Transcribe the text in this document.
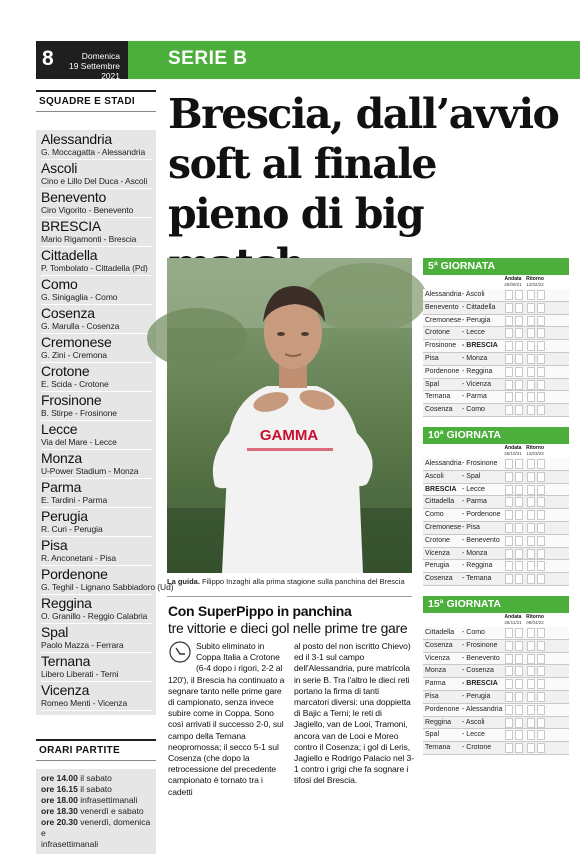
8	Domenica
19 Settembre 2021
SERIE B
SQUADRE E STADI
Alessandria
G. Moccagatta - Alessandria
Ascoli
Cino e Lillo Del Duca - Ascoli
Benevento
Ciro Vigorito - Benevento
BRESCIA
Mario Rigamonti - Brescia
Cittadella
P. Tombolato - Cittadella (Pd)
Como
G. Sinigaglia - Como
Cosenza
G. Marulla - Cosenza
Cremonese
G. Zini - Cremona
Crotone
E. Scida - Crotone
Frosinone
B. Stirpe - Frosinone
Lecce
Via del Mare - Lecce
Monza
U-Power Stadium - Monza
Parma
E. Tardini - Parma
Perugia
R. Curi - Perugia
Pisa
R. Anconetani - Pisa
Pordenone
G. Teghil - Lignano Sabbiadoro (Ud)
Reggina
O. Granillo - Reggio Calabria
Spal
Paolo Mazza - Ferrara
Ternana
Libero Liberati - Terni
Vicenza
Romeo Menti - Vicenza
ORARI PARTITE
ore 14.00 il sabato
ore 16.15 il sabato
ore 18.00 infrasettimanali
ore 18.30 venerdì e sabato
ore 20.30 venerdì, domenica e
infrasettimanali
Brescia, dall’avvio
soft al finale
pieno di big
GAMMA
La guida. Filippo Inzaghi alla prima stagione sulla panchina del Brescia
Con SuperPippo in panchina
tre vittorie e dieci gol nelle prime tre gare
Subito eliminato in Coppa Italia a Crotone (6-4 dopo i rigori, 2-2 al 120'), il Brescia ha continuato a segnare tanto nelle prime gare di campionato, senza invece subire come in Coppa. Sono così arrivati il successo 2-0, sul campo della Ternana neopromossa; il secco 5-1 sul Cosenza (che dopo la retrocessione del precedente campionato è tornato tra i cadetti
al posto del non iscritto Chievo) ed il 3-1 sul campo dell'Alessandria, pure matricola in serie B. Tra l'altro le dieci reti portano la firma di tanti marcatori diversi: una doppietta di Bajic a Terni; le reti di Jagiello, van de Looi, Tramoni, ancora van de Looi e Moreo contro il Cosenza; i gol di Leris, Jagiello e Rodrigo Palacio nel 3-1 contro i grigi che fa sognare i tifosi del Brescia.
5ª GIORNATA
Andata
25/09/21
Ritorno
12/02/22
Alessandria - Ascoli
Benevento - Cittadella
Cremonese - Perugia
Crotone	- Lecce
Frosinone - BRESCIA
Pisa	- Monza
Pordenone - Reggina
Spal	- Vicenza
Ternana	- Parma
Cosenza	- Como
10ª GIORNATA
Andata
26/10/21
Ritorno
12/03/22
Alessandria - Frosinone
Ascoli	- Spal
BRESCIA - Lecce
Cittadella	- Parma
Como	- Pordenone
Cremonese - Pisa
Crotone	- Benevento
Vicenza	- Monza
Perugia	- Reggina
Cosenza	- Ternana
15ª GIORNATA
Andata
28/11/21
Ritorno
09/04/22
Cittadella	- Como
Cosenza	- Frosinone
Vicenza	- Benevento
Monza	- Cosenza
Parma	- BRESCIA
Pisa	- Perugia
Pordenone - Alessandria
Reggina	- Ascoli
Spal	- Lecce
Ternana	- Crotone
